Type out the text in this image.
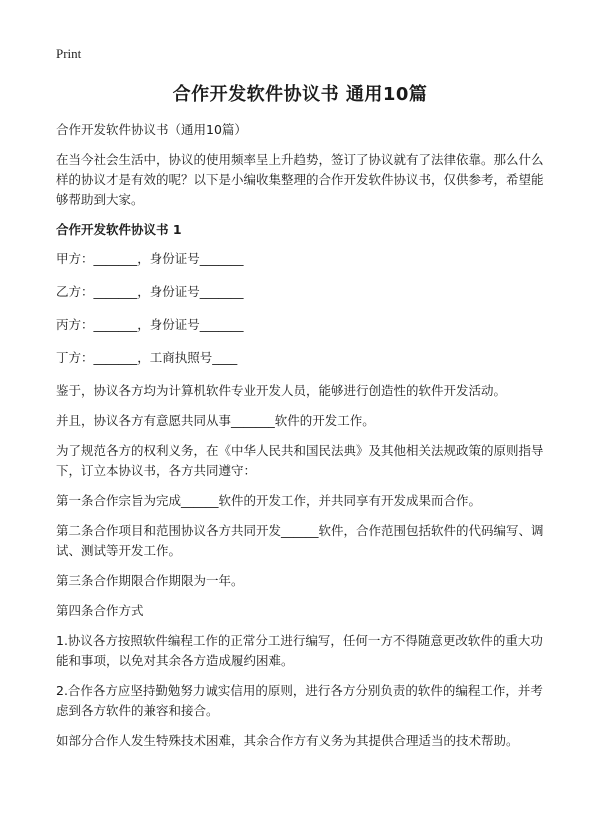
Print
合作开发软件协议书 通用10篇

合作开发软件协议书（通用10篇）

在当今社会生活中，协议的使用频率呈上升趋势，签订了协议就有了法律依靠。那么什么样的协议才是有效的呢？以下是小编收集整理的合作开发软件协议书，仅供参考，希望能够帮助到大家。

合作开发软件协议书 1

甲方：_______，身份证号_______

乙方：_______，身份证号_______

丙方：_______，身份证号_______

丁方：_______，工商执照号____

鉴于，协议各方均为计算机软件专业开发人员，能够进行创造性的软件开发活动。

并且，协议各方有意愿共同从事_______软件的开发工作。

为了规范各方的权利义务，在《中华人民共和国民法典》及其他相关法规政策的原则指导下，订立本协议书，各方共同遵守：

第一条合作宗旨为完成______软件的开发工作，并共同享有开发成果而合作。

第二条合作项目和范围协议各方共同开发______软件，合作范围包括软件的代码编写、调试、测试等开发工作。

第三条合作期限合作期限为一年。

第四条合作方式

1.协议各方按照软件编程工作的正常分工进行编写，任何一方不得随意更改软件的重大功能和事项，以免对其余各方造成履约困难。

2.合作各方应坚持勤勉努力诚实信用的原则，进行各方分别负责的软件的编程工作，并考虑到各方软件的兼容和接合。

如部分合作人发生特殊技术困难，其余合作方有义务为其提供合理适当的技术帮助。
